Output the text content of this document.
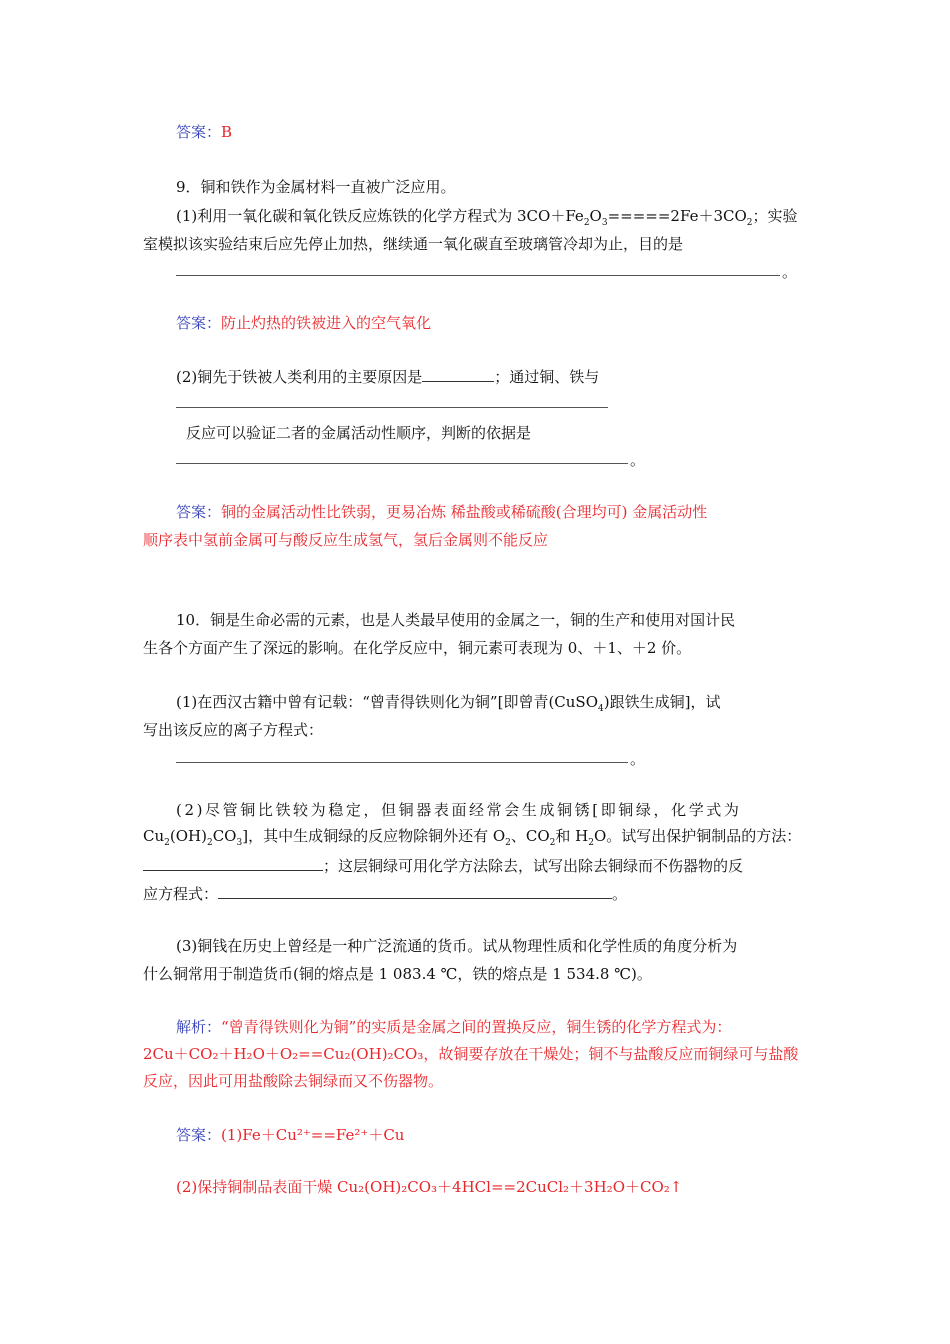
答案：B
9．铜和铁作为金属材料一直被广泛应用。
(1)利用一氧化碳和氧化铁反应炼铁的化学方程式为 $3CO+Fe_2O_3=====2Fe+3CO_2$；实验
室模拟该实验结束后应先停止加热，继续通一氧化碳直至玻璃管冷却为止，目的是
。
答案：防止灼热的铁被进入的空气氧化
(2)铜先于铁被人类利用的主要原因是	；通过铜、铁与
反应可以验证二者的金属活动性顺序，判断的依据是
。
答案：铜的金属活动性比铁弱，更易冶炼 稀盐酸或稀硫酸(合理均可) 金属活动性
顺序表中氢前金属可与酸反应生成氢气，氢后金属则不能反应
10．铜是生命必需的元素，也是人类最早使用的金属之一，铜的生产和使用对国计民
生各个方面产生了深远的影响。在化学反应中，铜元素可表现为 0、＋1、＋2 价。
(1)在西汉古籍中曾有记载：“曾青得铁则化为铜”[即曾青(CuSO$_4$)跟铁生成铜]，试
写出该反应的离子方程式：
。
(2)尽管铜比铁较为稳定，但铜器表面经常会生成铜锈[即铜绿，化学式为
$Cu_2(OH)_2CO_3$]，其中生成铜绿的反应物除铜外还有 $O_2$、$CO_2$和 $H_2O$。试写出保护铜制品的方法：
；这层铜绿可用化学方法除去，试写出除去铜绿而不伤器物的反
应方程式：	。
(3)铜钱在历史上曾经是一种广泛流通的货币。试从物理性质和化学性质的角度分析为
什么铜常用于制造货币(铜的熔点是 1 083.4 ℃，铁的熔点是 1 534.8 ℃)。
解析：“曾青得铁则化为铜”的实质是金属之间的置换反应，铜生锈的化学方程式为：
2Cu＋CO₂＋H₂O＋O₂==Cu₂(OH)₂CO₃，故铜要存放在干燥处；铜不与盐酸反应而铜绿可与盐酸
反应，因此可用盐酸除去铜绿而又不伤器物。
答案：(1)Fe＋Cu²⁺==Fe²⁺＋Cu
(2)保持铜制品表面干燥 Cu₂(OH)₂CO₃＋4HCl==2CuCl₂＋3H₂O＋CO₂↑
